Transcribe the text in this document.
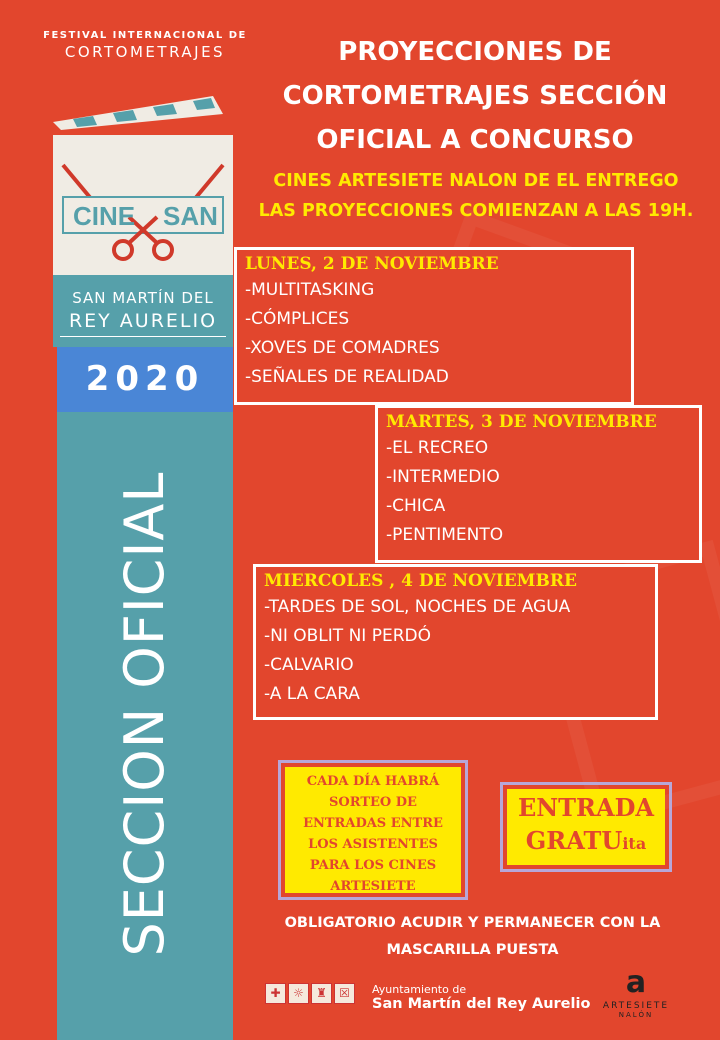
FESTIVAL INTERNACIONAL DE
CORTOMETRAJES
CINE SAN
SAN MARTÍN DEL
REY AURELIO
2020
SECCION OFICIAL
PROYECCIONES DE
CORTOMETRAJES SECCIÓN
OFICIAL A CONCURSO
CINES ARTESIETE NALON DE EL ENTREGO
LAS PROYECCIONES COMIENZAN A LAS 19H.
LUNES, 2 DE NOVIEMBRE
-MULTITASKING
-CÓMPLICES
-XOVES DE COMADRES
-SEÑALES DE REALIDAD
MARTES, 3 DE NOVIEMBRE
-EL RECREO
-INTERMEDIO
-CHICA
-PENTIMENTO
MIERCOLES , 4 DE NOVIEMBRE
-TARDES DE SOL, NOCHES DE AGUA
-NI OBLIT NI PERDÓ
-CALVARIO
-A LA CARA
CADA DÍA HABRÁ
SORTEO DE
ENTRADAS ENTRE
LOS ASISTENTES
PARA LOS CINES
ARTESIETE
ENTRADA
GRATUita
OBLIGATORIO ACUDIR Y PERMANECER CON LA
MASCARILLA PUESTA
✚ ☼ ♜ ☒	Ayuntamiento de
San Martín del Rey Aurelio
a
ARTESIETE
NALÓN
